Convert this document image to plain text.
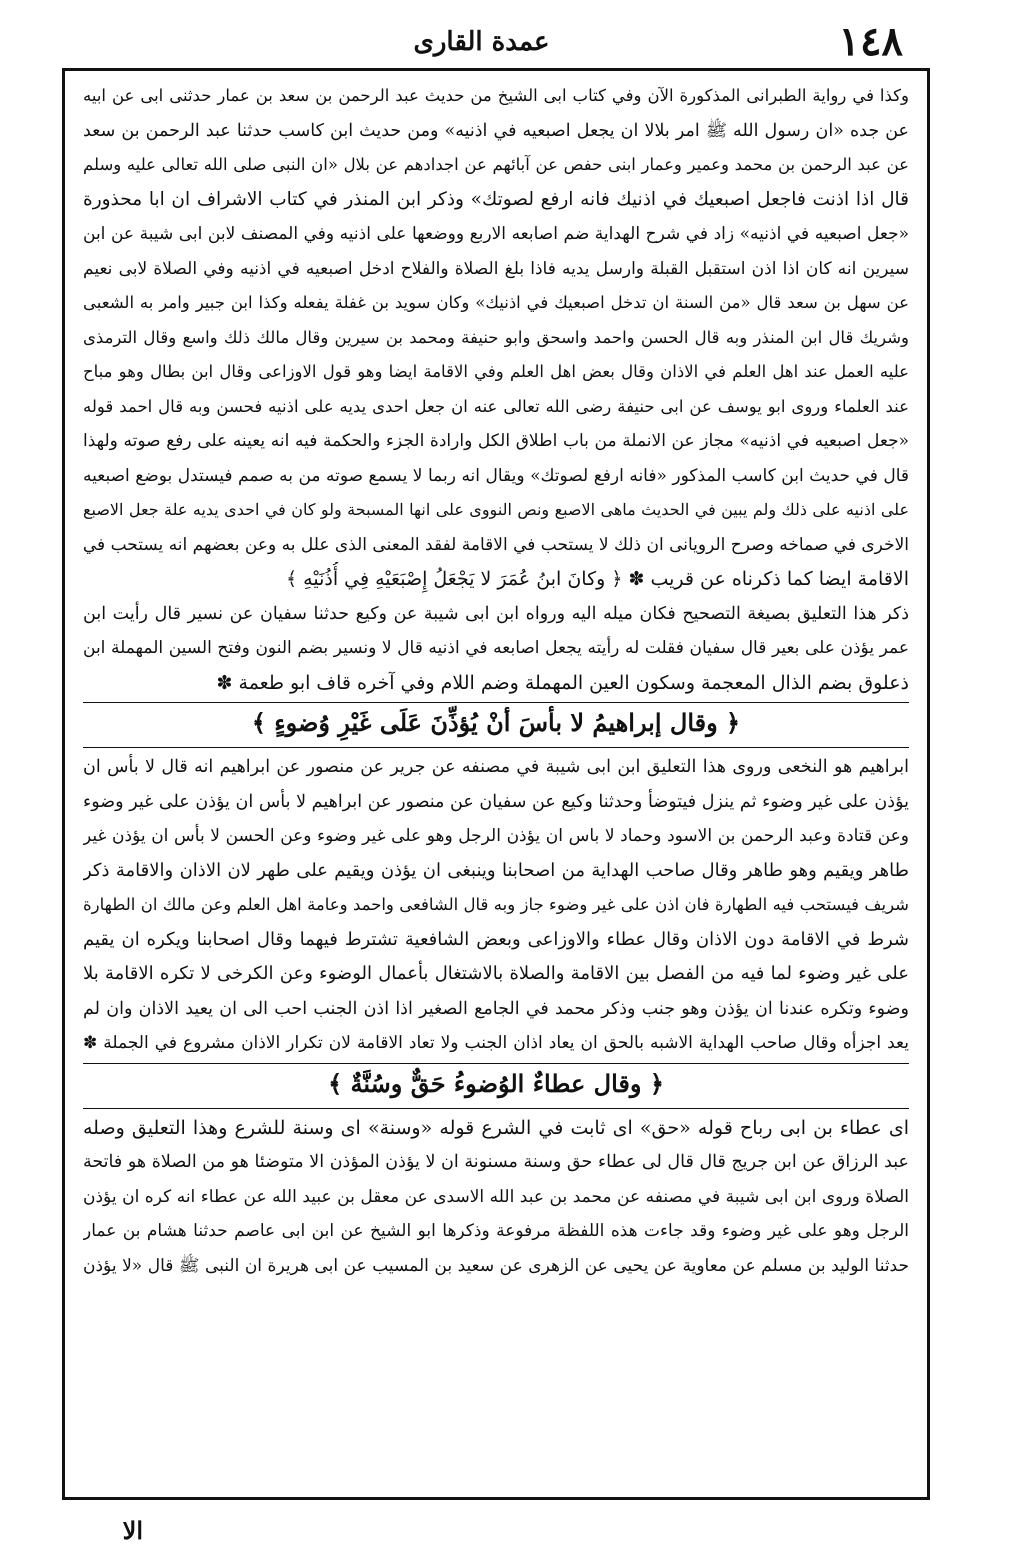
١٤٨
عمدة القارى
وكذا في رواية الطبرانى المذكورة الآن وفي كتاب ابى الشيخ من حديث عبد الرحمن بن سعد بن عمار حدثنى ابى عن ابيه
عن جده «ان رسول الله ﷺ امر بلالا ان يجعل اصبعيه في اذنيه» ومن حديث ابن كاسب حدثنا عبد الرحمن بن سعد
عن عبد الرحمن بن محمد وعمير وعمار ابنى حفص عن آبائهم عن اجدادهم عن بلال «ان النبى صلى الله تعالى عليه وسلم
قال اذا اذنت فاجعل اصبعيك في اذنيك فانه ارفع لصوتك» وذكر ابن المنذر في كتاب الاشراف ان ابا محذورة
«جعل اصبعيه في اذنيه» زاد في شرح الهداية ضم اصابعه الاربع ووضعها على اذنيه وفي المصنف لابن ابى شيبة عن ابن
سيرين انه كان اذا اذن استقبل القبلة وارسل يديه فاذا بلغ الصلاة والفلاح ادخل اصبعيه في اذنيه وفي الصلاة لابى نعيم
عن سهل بن سعد قال «من السنة ان تدخل اصبعيك في اذنيك» وكان سويد بن غفلة يفعله وكذا ابن جبير وامر به الشعبى
وشريك قال ابن المنذر وبه قال الحسن واحمد واسحق وابو حنيفة ومحمد بن سيرين وقال مالك ذلك واسع وقال الترمذى
عليه العمل عند اهل العلم في الاذان وقال بعض اهل العلم وفي الاقامة ايضا وهو قول الاوزاعى وقال ابن بطال وهو مباح
عند العلماء وروى ابو يوسف عن ابى حنيفة رضى الله تعالى عنه ان جعل احدى يديه على اذنيه فحسن وبه قال احمد قوله
«جعل اصبعيه في اذنيه» مجاز عن الانملة من باب اطلاق الكل وارادة الجزء والحكمة فيه انه يعينه على رفع صوته ولهذا
قال في حديث ابن كاسب المذكور «فانه ارفع لصوتك» ويقال انه ربما لا يسمع صوته من به صمم فيستدل بوضع اصبعيه
على اذنيه على ذلك ولم يبين في الحديث ماهى الاصبع ونص النووى على انها المسبحة ولو كان في احدى يديه علة جعل الاصبع
الاخرى في صماخه وصرح الرويانى ان ذلك لا يستحب في الاقامة لفقد المعنى الذى علل به وعن بعضهم انه يستحب في
الاقامة ايضا كما ذكرناه عن قريب ✽ ﴿ وكانَ ابنُ عُمَرَ لا يَجْعَلُ إِصْبَعَيْهِ فِي أُذُنَيْهِ ﴾
ذكر هذا التعليق بصيغة التصحيح فكان ميله اليه ورواه ابن ابى شيبة عن وكيع حدثنا سفيان عن نسير قال رأيت ابن
عمر يؤذن على بعير قال سفيان فقلت له رأيته يجعل اصابعه في اذنيه قال لا ونسير بضم النون وفتح السين المهملة ابن
ذعلوق بضم الذال المعجمة وسكون العين المهملة وضم اللام وفي آخره قاف ابو طعمة ✽
﴿ وقال إبراهيمُ لا بأسَ أنْ يُؤذِّنَ عَلَى غَيْرِ وُضوءٍ ﴾
ابراهيم هو النخعى وروى هذا التعليق ابن ابى شيبة في مصنفه عن جرير عن منصور عن ابراهيم انه قال لا بأس ان
يؤذن على غير وضوء ثم ينزل فيتوضأ وحدثنا وكيع عن سفيان عن منصور عن ابراهيم لا بأس ان يؤذن على غير وضوء
وعن قتادة وعبد الرحمن بن الاسود وحماد لا باس ان يؤذن الرجل وهو على غير وضوء وعن الحسن لا بأس ان يؤذن غير
طاهر ويقيم وهو طاهر وقال صاحب الهداية من اصحابنا وينبغى ان يؤذن ويقيم على طهر لان الاذان والاقامة ذكر
شريف فيستحب فيه الطهارة فان اذن على غير وضوء جاز وبه قال الشافعى واحمد وعامة اهل العلم وعن مالك ان الطهارة
شرط في الاقامة دون الاذان وقال عطاء والاوزاعى وبعض الشافعية تشترط فيهما وقال اصحابنا ويكره ان يقيم
على غير وضوء لما فيه من الفصل بين الاقامة والصلاة بالاشتغال بأعمال الوضوء وعن الكرخى لا تكره الاقامة بلا
وضوء وتكره عندنا ان يؤذن وهو جنب وذكر محمد في الجامع الصغير اذا اذن الجنب احب الى ان يعيد الاذان وان لم
يعد اجزأه وقال صاحب الهداية الاشبه بالحق ان يعاد اذان الجنب ولا تعاد الاقامة لان تكرار الاذان مشروع في الجملة ✽
﴿ وقال عطاءٌ الوُضوءُ حَقٌّ وسُنَّةٌ ﴾
اى عطاء بن ابى رباح قوله «حق» اى ثابت في الشرع قوله «وسنة» اى وسنة للشرع وهذا التعليق وصله
عبد الرزاق عن ابن جريج قال قال لى عطاء حق وسنة مسنونة ان لا يؤذن المؤذن الا متوضئا هو من الصلاة هو فاتحة
الصلاة وروى ابن ابى شيبة في مصنفه عن محمد بن عبد الله الاسدى عن معقل بن عبيد الله عن عطاء انه كره ان يؤذن
الرجل وهو على غير وضوء وقد جاءت هذه اللفظة مرفوعة وذكرها ابو الشيخ عن ابن ابى عاصم حدثنا هشام بن عمار
حدثنا الوليد بن مسلم عن معاوية عن يحيى عن الزهرى عن سعيد بن المسيب عن ابى هريرة ان النبى ﷺ قال «لا يؤذن
الا
